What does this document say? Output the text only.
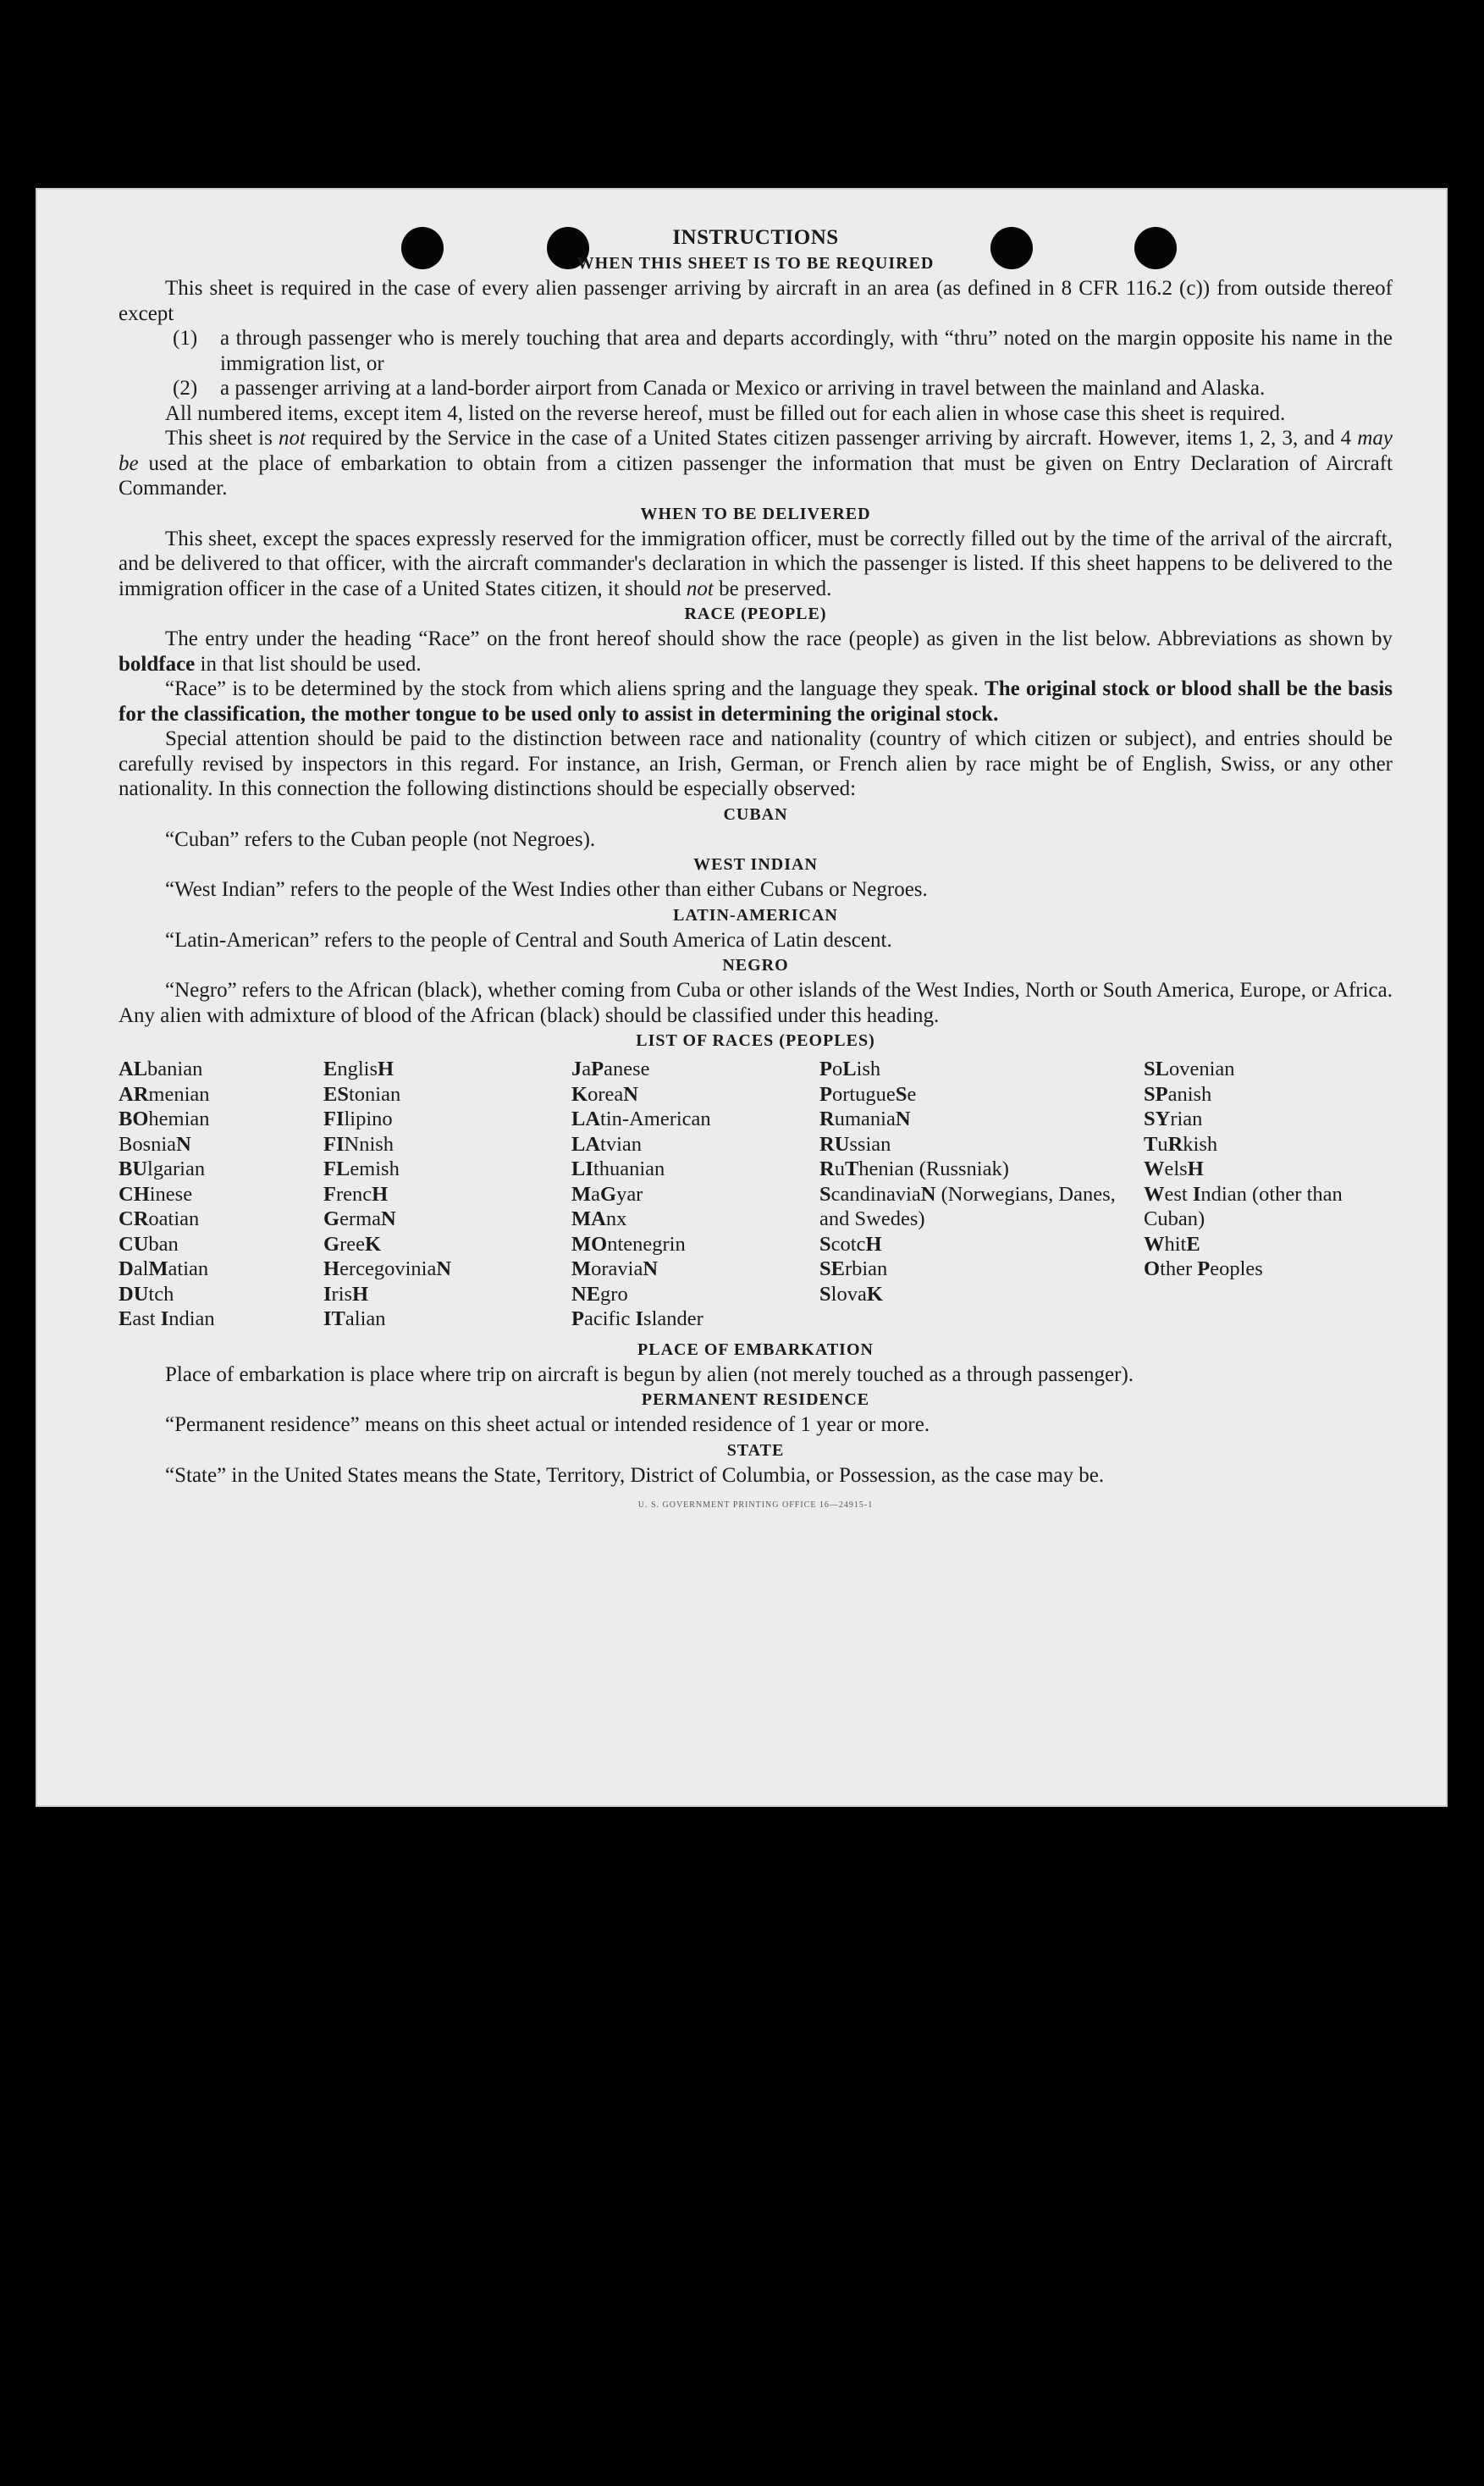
INSTRUCTIONS
WHEN THIS SHEET IS TO BE REQUIRED

This sheet is required in the case of every alien passenger arriving by aircraft in an area (as defined in 8 CFR 116.2 (c)) from outside thereof except

(1)	a through passenger who is merely touching that area and departs accordingly, with “thru” noted on the margin opposite his name in the immigration list, or
(2)	a passenger arriving at a land-border airport from Canada or Mexico or arriving in travel between the mainland and Alaska.

All numbered items, except item 4, listed on the reverse hereof, must be filled out for each alien in whose case this sheet is required.

This sheet is not required by the Service in the case of a United States citizen passenger arriving by aircraft. However, items 1, 2, 3, and 4 may be used at the place of embarkation to obtain from a citizen passenger the information that must be given on Entry Declaration of Aircraft Commander.

WHEN TO BE DELIVERED

This sheet, except the spaces expressly reserved for the immigration officer, must be correctly filled out by the time of the arrival of the aircraft, and be delivered to that officer, with the aircraft commander's declaration in which the passenger is listed. If this sheet happens to be delivered to the immigration officer in the case of a United States citizen, it should not be preserved.

RACE (PEOPLE)

The entry under the heading “Race” on the front hereof should show the race (people) as given in the list below. Abbreviations as shown by boldface in that list should be used.

“Race” is to be determined by the stock from which aliens spring and the language they speak. The original stock or blood shall be the basis for the classification, the mother tongue to be used only to assist in determining the original stock.

Special attention should be paid to the distinction between race and nationality (country of which citizen or subject), and entries should be carefully revised by inspectors in this regard. For instance, an Irish, German, or French alien by race might be of English, Swiss, or any other nationality. In this connection the following distinctions should be especially observed:

CUBAN

“Cuban” refers to the Cuban people (not Negroes).

WEST INDIAN

“West Indian” refers to the people of the West Indies other than either Cubans or Negroes.

LATIN-AMERICAN

“Latin-American” refers to the people of Central and South America of Latin descent.

NEGRO

“Negro” refers to the African (black), whether coming from Cuba or other islands of the West Indies, North or South America, Europe, or Africa. Any alien with admixture of blood of the African (black) should be classified under this heading.

LIST OF RACES (PEOPLES)
ALbanian
ARmenian
BOhemian
BosniaN
BUlgarian
CHinese
CRoatian
CUban
DalMatian
DUtch
East Indian
EnglisH
EStonian
FIlipino
FINnish
FLemish
FrencH
GermaN
GreeK
HercegoviniaN
IrisH
ITalian
JaPanese
KoreaN
LAtin-American
LAtvian
LIthuanian
MaGyar
MAnx
MOntenegrin
MoraviaN
NEgro
Pacific Islander
PoLish
PortugueSe
RumaniaN
RUssian
RuThenian (Russniak)
ScandinaviaN (Norwegians, Danes, and Swedes)
ScotcH
SErbian
SlovaK
SLovenian
SPanish
SYrian
TuRkish
WelsH
West Indian (other than Cuban)
WhitE
Other Peoples
PLACE OF EMBARKATION

Place of embarkation is place where trip on aircraft is begun by alien (not merely touched as a through passenger).

PERMANENT RESIDENCE

“Permanent residence” means on this sheet actual or intended residence of 1 year or more.

STATE

“State” in the United States means the State, Territory, District of Columbia, or Possession, as the case may be.

U. S. GOVERNMENT PRINTING OFFICE 16—24915-1
